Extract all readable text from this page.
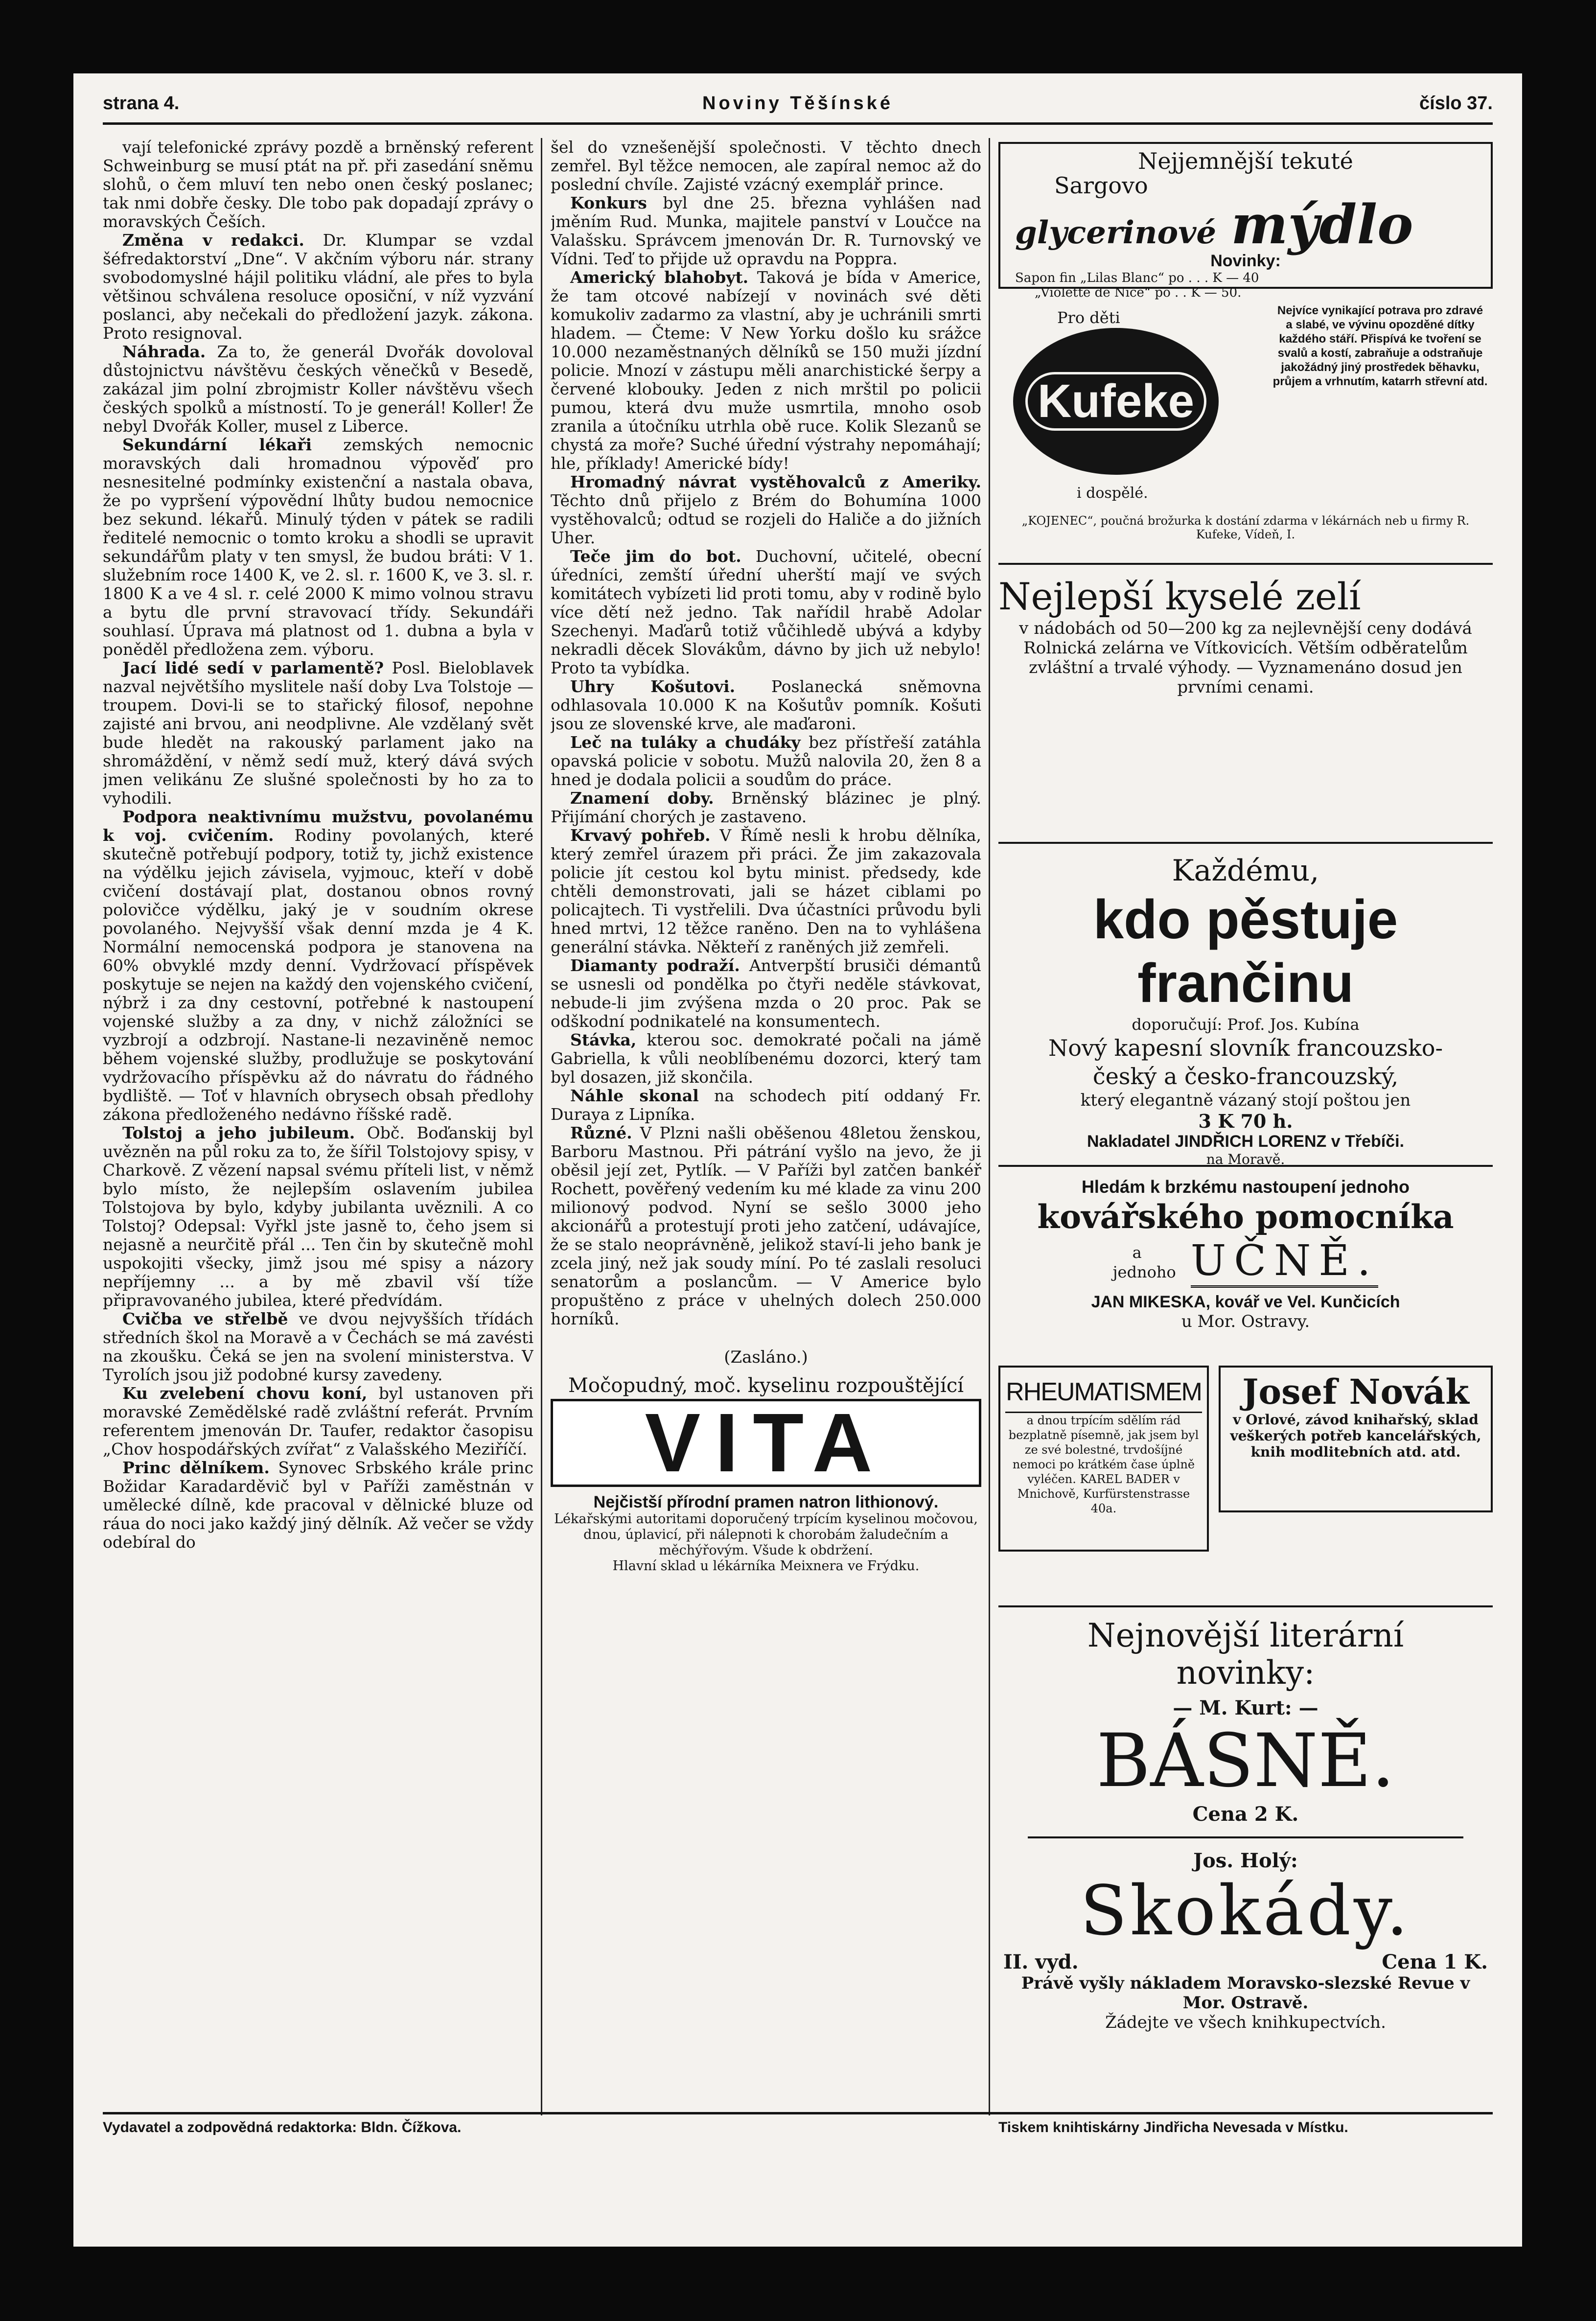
strana 4.	Noviny Těšínské	číslo 37.

vají telefonické zprávy pozdě a brněnský referent Schweinburg se musí ptát na př. při zasedání sněmu slohů, o čem mluví ten nebo onen český poslanec; tak nmi dobře česky. Dle tobo pak dopadají zprávy o moravských Češích.

Změna v redakci. Dr. Klumpar se vzdal šéfredaktorství „Dne“. V akčním výboru nár. strany svobodomyslné hájil politiku vládní, ale přes to byla většinou schválena resoluce oposiční, v níž vyzvání poslanci, aby nečekali do předložení jazyk. zákona. Proto resignoval.

Náhrada. Za to, že generál Dvořák dovoloval důstojnictvu návštěvu českých věnečků v Besedě, zakázal jim polní zbrojmistr Koller návštěvu všech českých spolků a místností. To je generál! Koller! Že nebyl Dvořák Koller, musel z Liberce.

Sekundární lékaři zemských nemocnic moravských dali hromadnou výpověď pro nesnesitelné podmínky existenční a nastala obava, že po vypršení výpovědní lhůty budou nemocnice bez sekund. lékařů. Minulý týden v pátek se radili ředitelé nemocnic o tomto kroku a shodli se upravit sekundářům platy v ten smysl, že budou bráti: V 1. služebním roce 1400 K, ve 2. sl. r. 1600 K, ve 3. sl. r. 1800 K a ve 4 sl. r. celé 2000 K mimo volnou stravu a bytu dle první stravovací třídy. Sekundáři souhlasí. Úprava má platnost od 1. dubna a byla v poněděl předložena zem. výboru.

Jací lidé sedí v parlamentě? Posl. Bieloblavek nazval největšího myslitele naší doby Lva Tolstoje — troupem. Dovi-li se to stařický filosof, nepohne zajisté ani brvou, ani neodplivne. Ale vzdělaný svět bude hledět na rakouský parlament jako na shromáždění, v němž sedí muž, který dává svých jmen velikánu Ze slušné společnosti by ho za to vyhodili.

Podpora neaktivnímu mužstvu, povolanému k voj. cvičením. Rodiny povolaných, které skutečně potřebují podpory, totiž ty, jichž existence na výdělku jejich závisela, vyjmouc, kteří v době cvičení dostávají plat, dostanou obnos rovný polovičce výdělku, jaký je v soudním okrese povolaného. Nejvyšší však denní mzda je 4 K. Normální nemocenská podpora je stanovena na 60% obvyklé mzdy denní. Vydržovací příspěvek poskytuje se nejen na každý den vojenského cvičení, nýbrž i za dny cestovní, potřebné k nastoupení vojenské služby a za dny, v nichž záložníci se vyzbrojí a odzbrojí. Nastane-li nezaviněně nemoc během vojenské služby, prodlužuje se poskytování vydržovacího příspěvku až do návratu do řádného bydliště. — Toť v hlavních obrysech obsah předlohy zákona předloženého nedávno říšské radě.

Tolstoj a jeho jubileum. Obč. Boďanskij byl uvězněn na půl roku za to, že šířil Tolstojovy spisy, v Charkově. Z vězení napsal svému příteli list, v němž bylo místo, že nejlepším oslavením jubilea Tolstojova by bylo, kdyby jubilanta uvěznili. A co Tolstoj? Odepsal: Vyřkl jste jasně to, čeho jsem si nejasně a neurčitě přál ... Ten čin by skutečně mohl uspokojiti všecky, jimž jsou mé spisy a názory nepříjemny ... a by mě zbavil vší tíže připravovaného jubilea, které předvídám.

Cvičba ve střelbě ve dvou nejvyšších třídách středních škol na Moravě a v Čechách se má zavésti na zkoušku. Čeká se jen na svolení ministerstva. V Tyrolích jsou již podobné kursy zavedeny.

Ku zvelebení chovu koní, byl ustanoven při moravské Zemědělské radě zvláštní referát. Prvním referentem jmenován Dr. Taufer, redaktor časopisu „Chov hospodářských zvířat“ z Valašského Meziříčí.

Princ dělníkem. Synovec Srbského krále princ Božidar Karadarděvič byl v Paříži zaměstnán v umělecké dílně, kde pracoval v dělnické bluze od ráua do noci jako každý jiný dělník. Až večer se vždy odebíral do

šel do vznešenější společnosti. V těchto dnech zemřel. Byl těžce nemocen, ale zapíral nemoc až do poslední chvíle. Zajisté vzácný exemplář prince.

Konkurs byl dne 25. března vyhlášen nad jměním Rud. Munka, majitele panství v Loučce na Valašsku. Správcem jmenován Dr. R. Turnovský ve Vídni. Teď to přijde už opravdu na Poppra.

Americký blahobyt. Taková je bída v Americe, že tam otcové nabízejí v novinách své děti komukoliv zadarmo za vlastní, aby je uchránili smrti hladem. — Čteme: V New Yorku došlo ku srážce 10.000 nezaměstnaných dělníků se 150 muži jízdní policie. Mnozí v zástupu měli anarchistické šerpy a červené klobouky. Jeden z nich mrštil po policii pumou, která dvu muže usmrtila, mnoho osob zranila a útočníku utrhla obě ruce. Kolik Slezanů se chystá za moře? Suché úřední výstrahy nepomáhají; hle, příklady! Americké bídy!

Hromadný návrat vystěhovalců z Ameriky. Těchto dnů přijelo z Brém do Bohumína 1000 vystěhovalců; odtud se rozjeli do Haliče a do jižních Uher.

Teče jim do bot. Duchovní, učitelé, obecní úředníci, zemští úřední uherští mají ve svých komitátech vybízeti lid proti tomu, aby v rodině bylo více dětí než jedno. Tak nařídil hrabě Adolar Szechenyi. Maďarů totiž vůčihledě ubývá a kdyby nekradli děcek Slovákům, dávno by jich už nebylo! Proto ta vybídka.

Uhry Košutovi. Poslanecká sněmovna odhlasovala 10.000 K na Košutův pomník. Košuti jsou ze slovenské krve, ale maďaroni.

Leč na tuláky a chudáky bez přístřeší zatáhla opavská policie v sobotu. Mužů nalovila 20, žen 8 a hned je dodala policii a soudům do práce.

Znamení doby. Brněnský blázinec je plný. Přijímání chorých je zastaveno.

Krvavý pohřeb. V Římě nesli k hrobu dělníka, který zemřel úrazem při práci. Že jim zakazovala policie jít cestou kol bytu minist. předsedy, kde chtěli demonstrovati, jali se házet ciblami po policajtech. Ti vystřelili. Dva účastníci průvodu byli hned mrtvi, 12 těžce raněno. Den na to vyhlášena generální stávka. Někteří z raněných již zemřeli.

Diamanty podraží. Antverpští brusiči démantů se usnesli od pondělka po čtyři neděle stávkovat, nebude-li jim zvýšena mzda o 20 proc. Pak se odškodní podnikatelé na konsumentech.

Stávka, kterou soc. demokraté počali na jámě Gabriella, k vůli neoblíbenému dozorci, který tam byl dosazen, již skončila.

Náhle skonal na schodech pití oddaný Fr. Duraya z Lipníka.

Různé. V Plzni našli oběšenou 48letou ženskou, Barboru Mastnou. Při pátrání vyšlo na jevo, že ji oběsil její zet, Pytlík. — V Paříži byl zatčen bankéř Rochett, pověřený vedením ku mé klade za vinu 200 milionový podvod. Nyní se sešlo 3000 jeho akcionářů a protestují proti jeho zatčení, udávajíce, že se stalo neoprávněně, jelikož staví-li jeho bank je zcela jiný, než jak soudy míní. Po té zaslali resoluci senatorům a poslancům. — V Americe bylo propuštěno z práce v uhelných dolech 250.000 horníků.

(Zasláno.)
Močopudný, moč. kyselinu rozpouštějící
VITA
Nejčistší přírodní pramen natron lithionový.
Lékařskými autoritami doporučený trpícím kyselinou močovou, dnou, úplavicí, při nálepnoti k chorobám žaludečním a měchýřovým. Všude k obdržení.
Hlavní sklad u lékárníka Meixnera ve Frýdku.
Nejjemnější tekuté
Sargovo
glycerinové mýdlo
Novinky:
Sapon fin „Lilas Blanc“ po . . . K — 40
„Violette de Nice“ po . . K — 50.
Pro děti
Kufeke
i dospělé.
Nejvíce vynikající potrava pro zdravé a slabé, ve vývinu opozděné dítky každého stáří. Přispívá ke tvoření se svalů a kostí, zabraňuje a odstraňuje jakožádný jiný prostředek běhavku, průjem a vrhnutím, katarrh střevní atd.
„KOJENEC“, poučná brožurka k dostání zdarma v lékárnách neb u firmy R. Kufeke, Vídeň, I.
Nejlepší kyselé zelí
v nádobách od 50—200 kg za nejlevnější ceny dodává Rolnická zelárna ve Vítkovicích. Větším odběratelům zvláštní a trvalé výhody. — Vyznamenáno dosud jen prvními cenami.
Každému,
kdo pěstuje frančinu
doporučují: Prof. Jos. Kubína
Nový kapesní slovník francouzsko-
český a česko-francouzský,
který elegantně vázaný stojí poštou jen
3 K 70 h.
Nakladatel JINDŘICH LORENZ v Třebíči.
na Moravě.
Hledám k brzkému nastoupení jednoho
kovářského pomocníka
a
jednoho UČNĚ.
JAN MIKESKA, kovář ve Vel. Kunčicích
u Mor. Ostravy.
RHEUMATISMEM
a dnou trpícím sdělím rád bezplatně písemně, jak jsem byl ze své bolestné, trvdošíjné nemoci po krátkém čase úplně vyléčen. KAREL BADER v Mnichově, Kurfürstenstrasse 40a.
Josef Novák
v Orlové, závod knihařský, sklad veškerých potřeb kancelářských, knih modlitebních atd. atd.
Nejnovější literární
novinky:
— M. Kurt: —
BÁSNĚ.
Cena 2 K.
Jos. Holý:
Skokády.
II. vyd.	Cena 1 K.
Právě vyšly nákladem Moravsko-slezské Revue v Mor. Ostravě.
Žádejte ve všech knihkupectvích.
Vydavatel a zodpovědná redaktorka: Bldn. Čížkova.	Tiskem knihtiskárny Jindřicha Nevesada v Místku.
